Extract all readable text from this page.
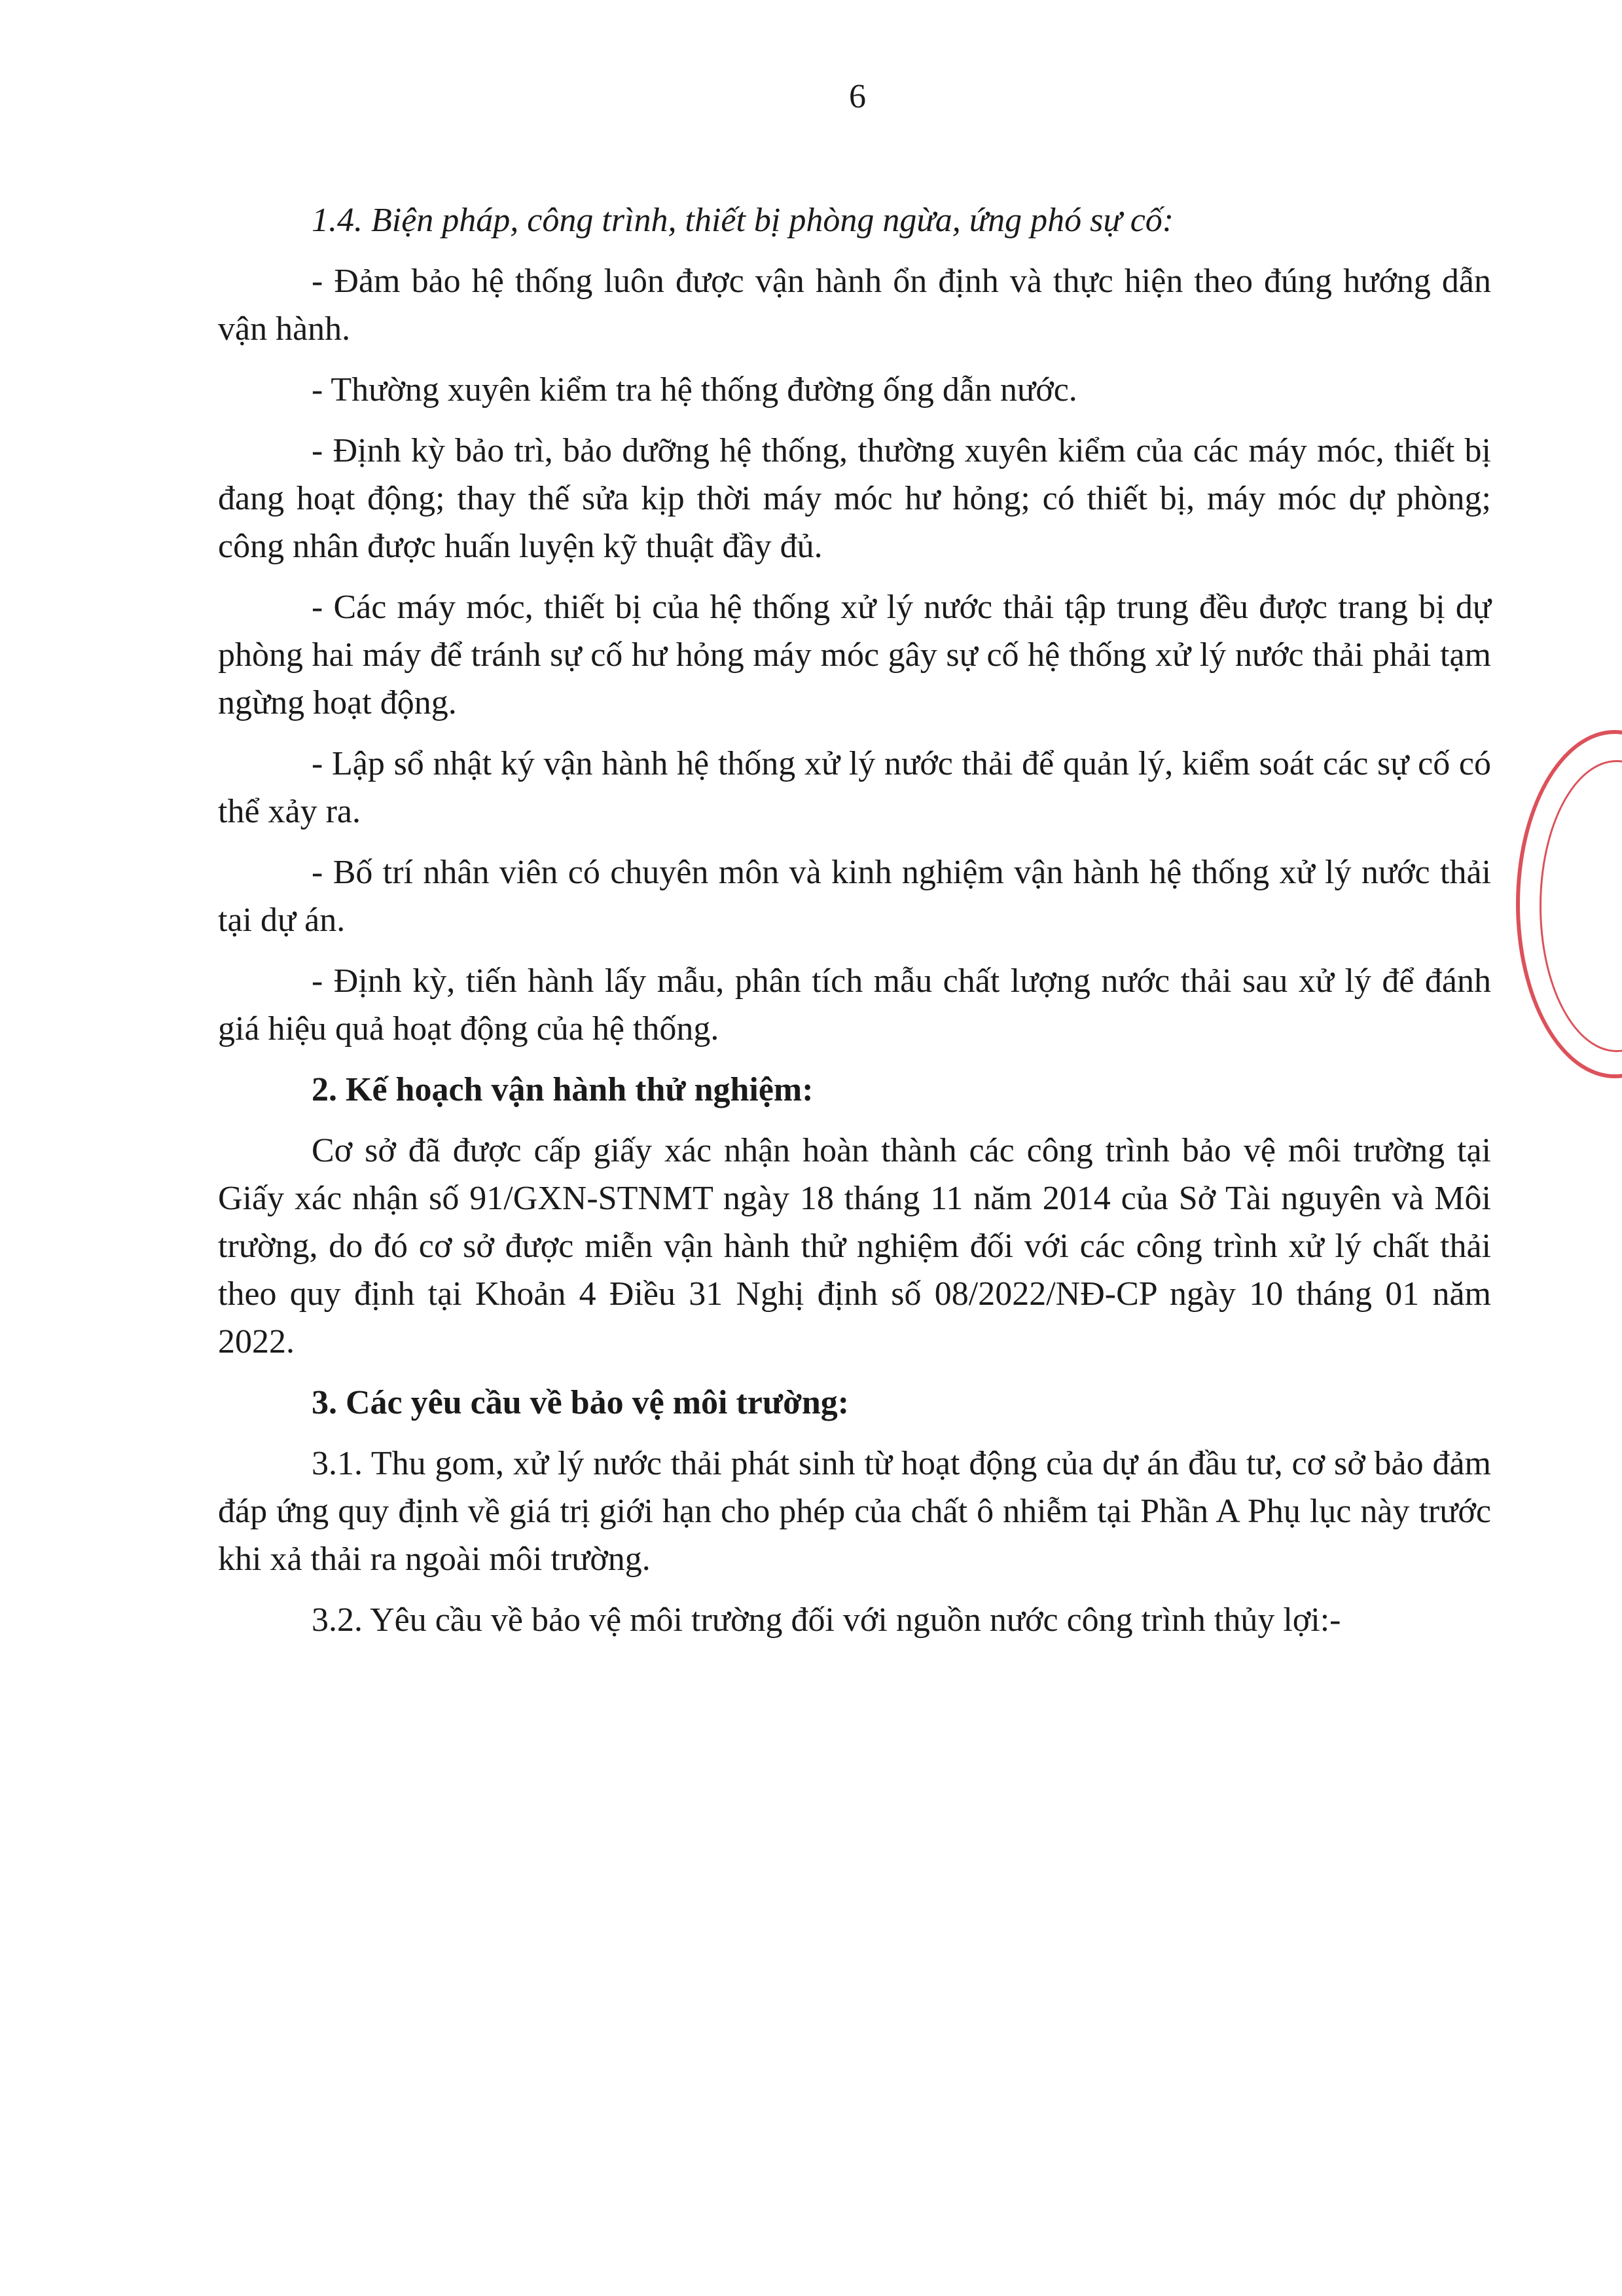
6

1.4. Biện pháp, công trình, thiết bị phòng ngừa, ứng phó sự cố:

- Đảm bảo hệ thống luôn được vận hành ổn định và thực hiện theo đúng hướng dẫn vận hành.

- Thường xuyên kiểm tra hệ thống đường ống dẫn nước.

- Định kỳ bảo trì, bảo dưỡng hệ thống, thường xuyên kiểm của các máy móc, thiết bị đang hoạt động; thay thế sửa kịp thời máy móc hư hỏng; có thiết bị, máy móc dự phòng; công nhân được huấn luyện kỹ thuật đầy đủ.

- Các máy móc, thiết bị của hệ thống xử lý nước thải tập trung đều được trang bị dự phòng hai máy để tránh sự cố hư hỏng máy móc gây sự cố hệ thống xử lý nước thải phải tạm ngừng hoạt động.

- Lập sổ nhật ký vận hành hệ thống xử lý nước thải để quản lý, kiểm soát các sự cố có thể xảy ra.

- Bố trí nhân viên có chuyên môn và kinh nghiệm vận hành hệ thống xử lý nước thải tại dự án.

- Định kỳ, tiến hành lấy mẫu, phân tích mẫu chất lượng nước thải sau xử lý để đánh giá hiệu quả hoạt động của hệ thống.

2. Kế hoạch vận hành thử nghiệm:

Cơ sở đã được cấp giấy xác nhận hoàn thành các công trình bảo vệ môi trường tại Giấy xác nhận số 91/GXN-STNMT ngày 18 tháng 11 năm 2014 của Sở Tài nguyên và Môi trường, do đó cơ sở được miễn vận hành thử nghiệm đối với các công trình xử lý chất thải theo quy định tại Khoản 4 Điều 31 Nghị định số 08/2022/NĐ-CP ngày 10 tháng 01 năm 2022.

3. Các yêu cầu về bảo vệ môi trường:

3.1. Thu gom, xử lý nước thải phát sinh từ hoạt động của dự án đầu tư, cơ sở bảo đảm đáp ứng quy định về giá trị giới hạn cho phép của chất ô nhiễm tại Phần A Phụ lục này trước khi xả thải ra ngoài môi trường.

3.2. Yêu cầu về bảo vệ môi trường đối với nguồn nước công trình thủy lợi:-
